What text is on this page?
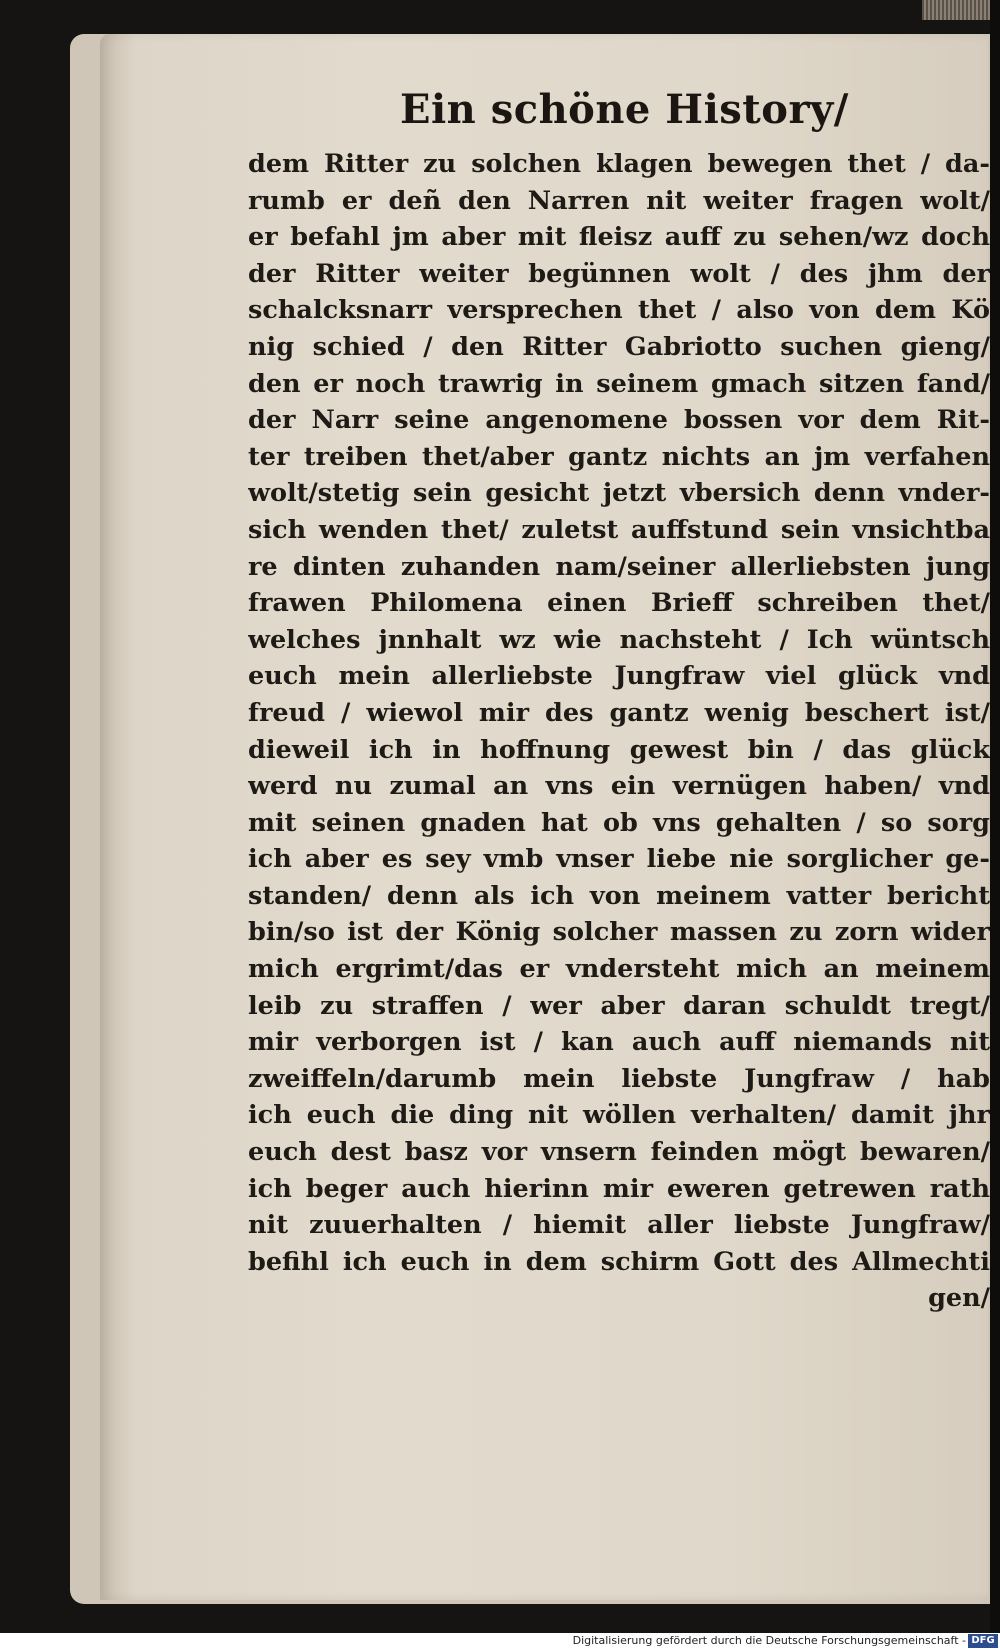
Ein schöne History/
dem Ritter zu solchen klagen bewegen thet / da-
rumb er deñ den Narren nit weiter fragen wolt/
er befahl jm aber mit fleisz auff zu sehen/wz doch
der Ritter weiter begünnen wolt / des jhm der
schalcksnarr versprechen thet / also von dem Kö
nig schied / den Ritter Gabriotto suchen gieng/
den er noch trawrig in seinem gmach sitzen fand/
der Narr seine angenomene bossen vor dem Rit-
ter treiben thet/aber gantz nichts an jm verfahen
wolt/stetig sein gesicht jetzt vbersich denn vnder-
sich wenden thet/ zuletst auffstund sein vnsichtba
re dinten zuhanden nam/seiner allerliebsten jung
frawen Philomena einen Brieff schreiben thet/
welches jnnhalt wz wie nachsteht / Ich wüntsch
euch mein allerliebste Jungfraw viel glück vnd
freud / wiewol mir des gantz wenig beschert ist/
dieweil ich in hoffnung gewest bin / das glück
werd nu zumal an vns ein vernügen haben/ vnd
mit seinen gnaden hat ob vns gehalten / so sorg
ich aber es sey vmb vnser liebe nie sorglicher ge-
standen/ denn als ich von meinem vatter bericht
bin/so ist der König solcher massen zu zorn wider
mich ergrimt/das er vndersteht mich an meinem
leib zu straffen / wer aber daran schuldt tregt/
mir verborgen ist / kan auch auff niemands nit
zweiffeln/darumb mein liebste Jungfraw / hab
ich euch die ding nit wöllen verhalten/ damit jhr
euch dest basz vor vnsern feinden mögt bewaren/
ich beger auch hierinn mir eweren getrewen rath
nit zuuerhalten / hiemit aller liebste Jungfraw/
befihl ich euch in dem schirm Gott des Allmechti
gen/
Digitalisierung gefördert durch die Deutsche Forschungsgemeinschaft - DFG
